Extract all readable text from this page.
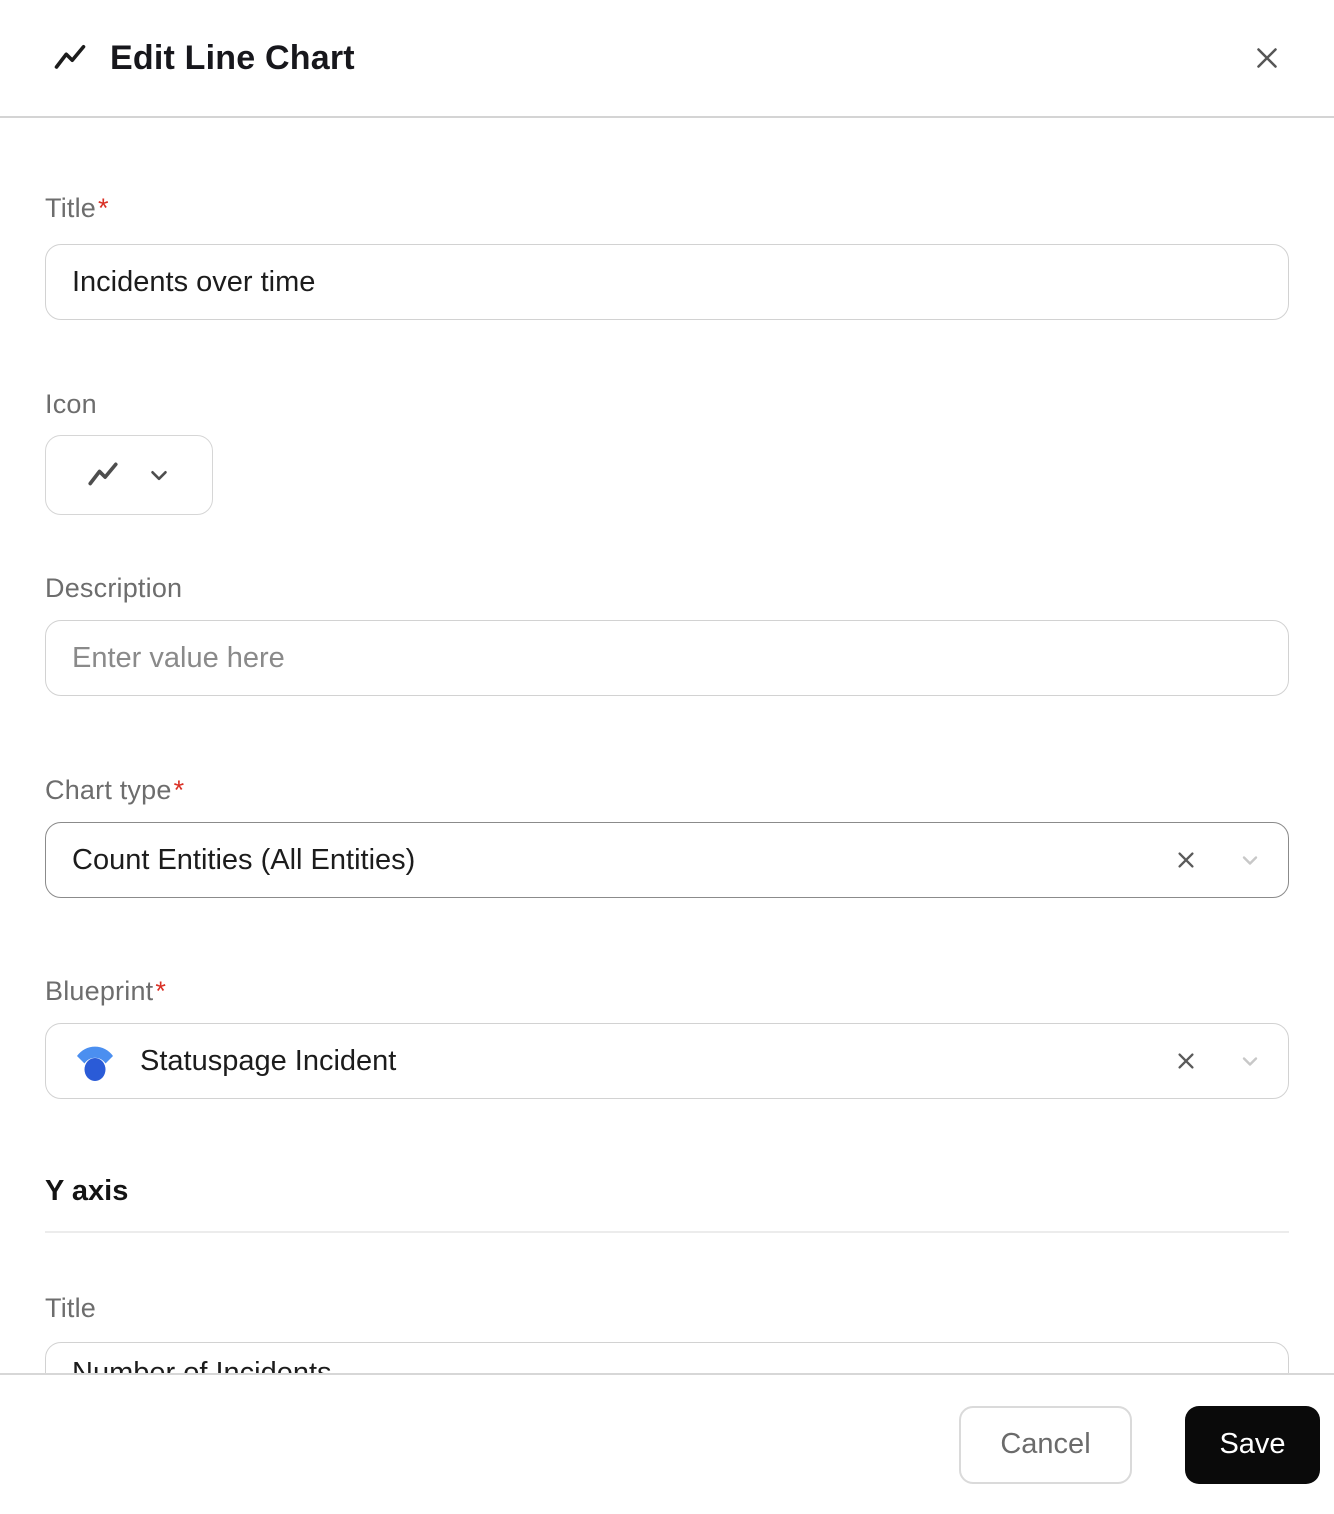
Edit Line Chart
Title*
Incidents over time
Icon
Description
Enter value here
Chart type*
Count Entities (All Entities)
Blueprint*
Statuspage Incident
Y axis
Title
Cancel	Save
